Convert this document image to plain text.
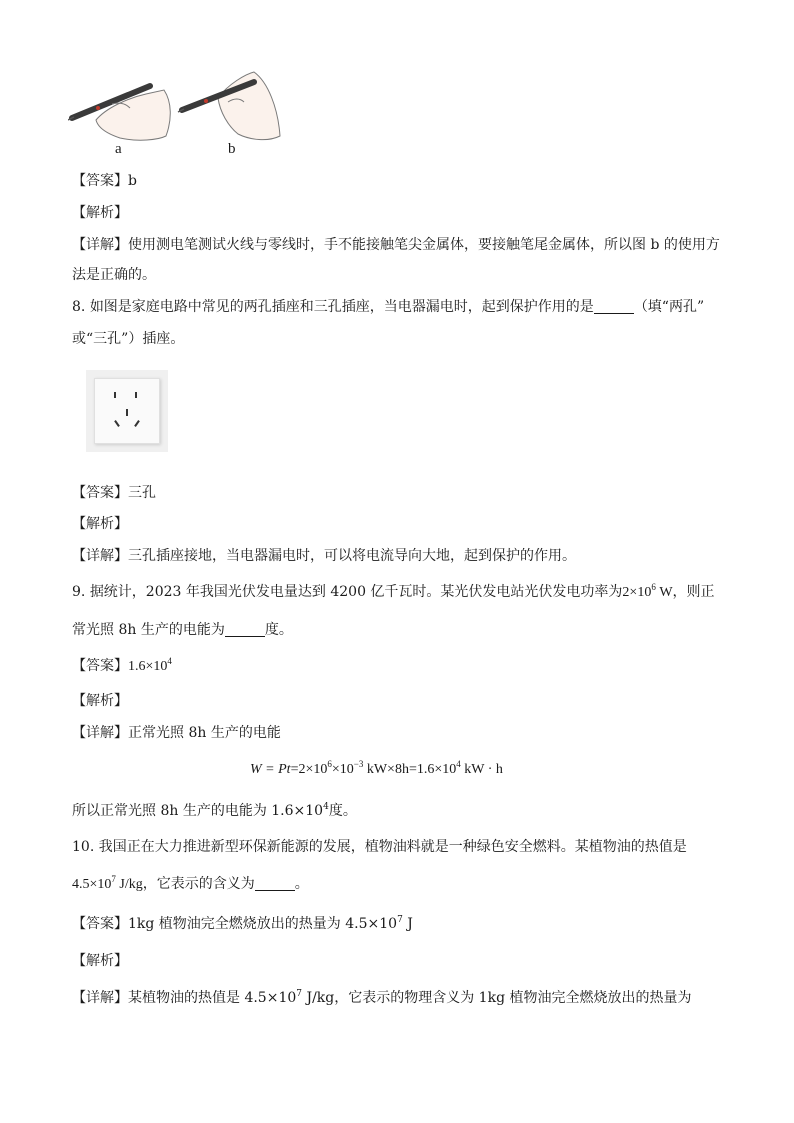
a	b
【答案】b
【解析】
【详解】使用测电笔测试火线与零线时，手不能接触笔尖金属体，要接触笔尾金属体，所以图 b 的使用方
法是正确的。
8. 如图是家庭电路中常见的两孔插座和三孔插座，当电器漏电时，起到保护作用的是	（填“两孔”
或“三孔”）插座。
【答案】三孔
【解析】
【详解】三孔插座接地，当电器漏电时，可以将电流导向大地，起到保护的作用。
9. 据统计，2023 年我国光伏发电量达到 4200 亿千瓦时。某光伏发电站光伏发电功率为$2\times 10^6$ W，则正
常光照 8h 生产的电能为	度。
【答案】$1.6\times 10^4$
【解析】
【详解】正常光照 8h 生产的电能
$W = Pt=2\times 10^6\times 10^{-3}$ $kW\times 8h=1.6\times 10^4$ kW · h
所以正常光照 8h 生产的电能为 $1.6\times 10^4$度。
10. 我国正在大力推进新型环保新能源的发展，植物油料就是一种绿色安全燃料。某植物油的热值是
$4.5\times 10^7$ J/kg，它表示的含义为	。
【答案】1kg 植物油完全燃烧放出的热量为 $4.5\times 10^7$ J
【解析】
【详解】某植物油的热值是 $4.5\times 10^7$ J/kg，它表示的物理含义为 1kg 植物油完全燃烧放出的热量为
